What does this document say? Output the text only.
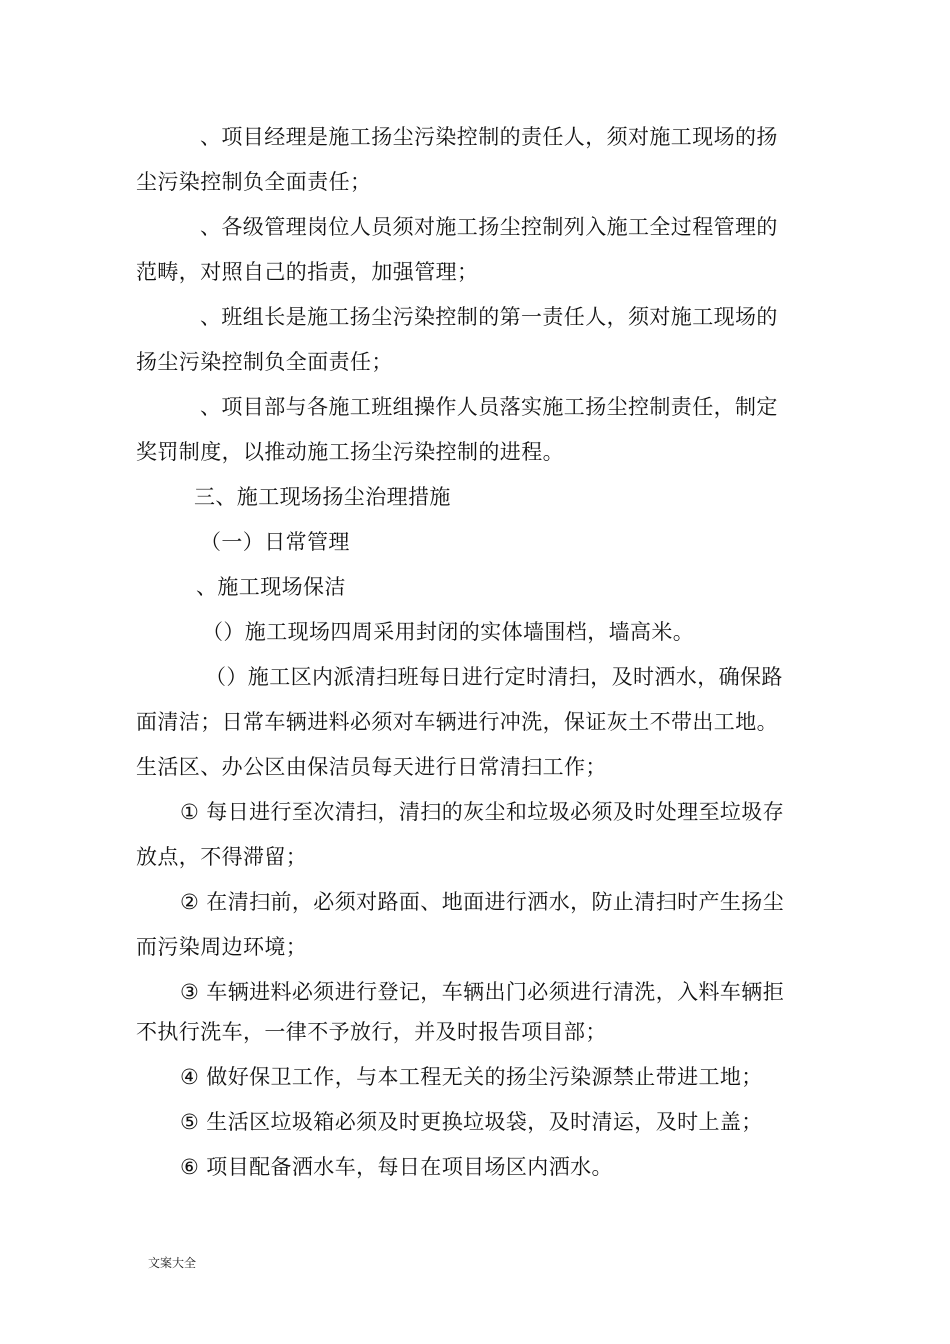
、项目经理是施工扬尘污染控制的责任人，须对施工现场的扬
尘污染控制负全面责任；
、各级管理岗位人员须对施工扬尘控制列入施工全过程管理的
范畴，对照自己的指责，加强管理；
、班组长是施工扬尘污染控制的第一责任人，须对施工现场的
扬尘污染控制负全面责任；
、项目部与各施工班组操作人员落实施工扬尘控制责任，制定
奖罚制度，以推动施工扬尘污染控制的进程。
三、施工现场扬尘治理措施
（一）日常管理
、施工现场保洁
（）施工现场四周采用封闭的实体墙围档，墙高米。
（）施工区内派清扫班每日进行定时清扫，及时洒水，确保路
面清洁；日常车辆进料必须对车辆进行冲洗，保证灰土不带出工地。
生活区、办公区由保洁员每天进行日常清扫工作；
① 每日进行至次清扫，清扫的灰尘和垃圾必须及时处理至垃圾存
放点，不得滞留；
② 在清扫前，必须对路面、地面进行洒水，防止清扫时产生扬尘
而污染周边环境；
③ 车辆进料必须进行登记，车辆出门必须进行清洗，入料车辆拒
不执行洗车，一律不予放行，并及时报告项目部；
④ 做好保卫工作，与本工程无关的扬尘污染源禁止带进工地；
⑤ 生活区垃圾箱必须及时更换垃圾袋，及时清运，及时上盖；
⑥ 项目配备洒水车，每日在项目场区内洒水。
文案大全
